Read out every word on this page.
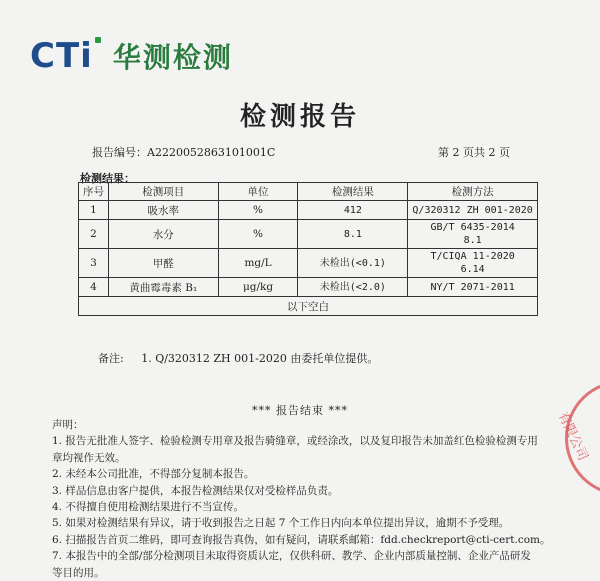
CTi 华测检测
检测报告
报告编号：A2220052863101001C	第 2 页共 2 页
检测结果：
序号	检测项目	单位	检测结果	检测方法
1	吸水率	%	412	Q/320312 ZH 001-2020
2	水分	%	8.1	GB/T 6435-2014
8.1
3	甲醛	mg/L	未检出(<0.1)	T/CIQA 11-2020
6.14
4	黄曲霉毒素 B₁	μg/kg	未检出(<2.0)	NY/T 2071-2011
以下空白				
备注: 1. Q/320312 ZH 001-2020 由委托单位提供。
*** 报告结束 ***
声明：
1. 报告无批准人签字、检验检测专用章及报告骑缝章，或经涂改，以及复印报告未加盖红色检验检测专用
章均视作无效。
2. 未经本公司批准，不得部分复制本报告。
3. 样品信息由客户提供，本报告检测结果仅对受检样品负责。
4. 不得擅自使用检测结果进行不当宣传。
5. 如果对检测结果有异议，请于收到报告之日起 7 个工作日内向本单位提出异议，逾期不予受理。
6. 扫描报告首页二维码，即可查询报告真伪，如有疑问，请联系邮箱：fdd.checkreport@cti-cert.com。
7. 本报告中的全部/部分检测项目未取得资质认定，仅供科研、教学、企业内部质量控制、企业产品研发
等目的用。
有限公司
